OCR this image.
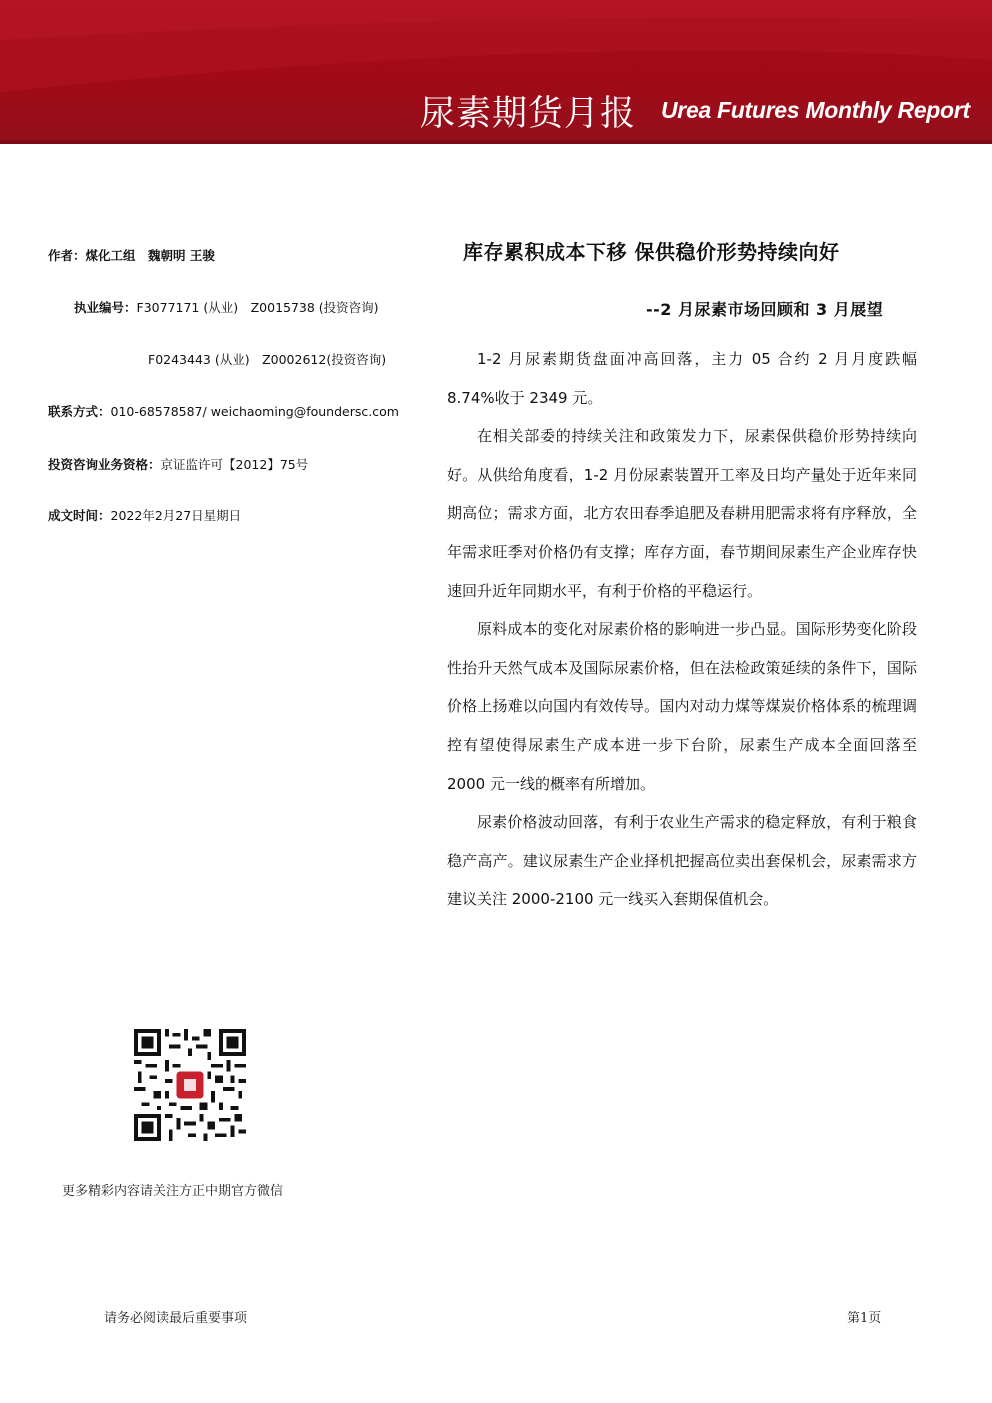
尿素期货月报 Urea Futures Monthly Report
作者：煤化工组　魏朝明 王骏
执业编号：F3077171 (从业)　Z0015738 (投资咨询)
F0243443 (从业)　Z0002612(投资咨询)
联系方式：010-68578587/ weichaoming@foundersc.com
投资咨询业务资格：京证监许可【2012】75号
成文时间：2022年2月27日星期日
库存累积成本下移 保供稳价形势持续向好
--2 月尿素市场回顾和 3 月展望

1-2 月尿素期货盘面冲高回落，主力 05 合约 2 月月度跌幅 8.74%收于 2349 元。

在相关部委的持续关注和政策发力下，尿素保供稳价形势持续向好。从供给角度看，1-2 月份尿素装置开工率及日均产量处于近年来同期高位；需求方面，北方农田春季追肥及春耕用肥需求将有序释放，全年需求旺季对价格仍有支撑；库存方面，春节期间尿素生产企业库存快速回升近年同期水平，有利于价格的平稳运行。

原料成本的变化对尿素价格的影响进一步凸显。国际形势变化阶段性抬升天然气成本及国际尿素价格，但在法检政策延续的条件下，国际价格上扬难以向国内有效传导。国内对动力煤等煤炭价格体系的梳理调控有望使得尿素生产成本进一步下台阶，尿素生产成本全面回落至 2000 元一线的概率有所增加。

尿素价格波动回落，有利于农业生产需求的稳定释放，有利于粮食稳产高产。建议尿素生产企业择机把握高位卖出套保机会，尿素需求方建议关注 2000-2100 元一线买入套期保值机会。

更多精彩内容请关注方正中期官方微信
请务必阅读最后重要事项	第1页
